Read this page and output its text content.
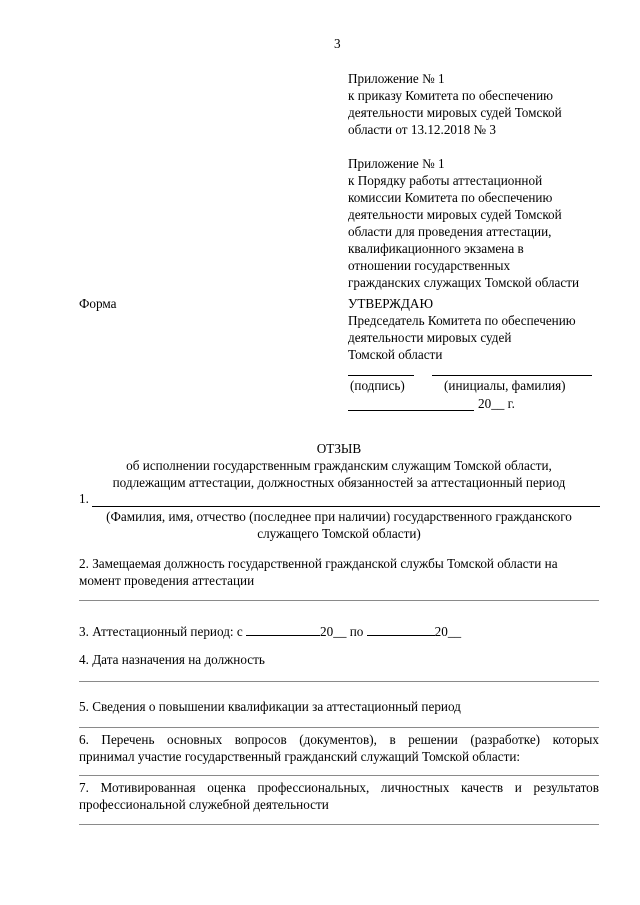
3
Приложение № 1
к приказу Комитета по обеспечению
деятельности мировых судей Томской
области от 13.12.2018 № 3
Приложение № 1
к Порядку работы аттестационной
комиссии Комитета по обеспечению
деятельности мировых судей Томской
области для проведения аттестации,
квалификационного экзамена в
отношении государственных
гражданских служащих Томской области
Форма	УТВЕРЖДАЮ
Председатель Комитета по обеспечению
деятельности мировых судей
Томской области
(подпись)	(инициалы, фамилия)
20__ г.
ОТЗЫВ
об исполнении государственным гражданским служащим Томской области,
подлежащим аттестации, должностных обязанностей за аттестационный период
1.
(Фамилия, имя, отчество (последнее при наличии) государственного гражданского
служащего Томской области)
2. Замещаемая должность государственной гражданской службы Томской области на
момент проведения аттестации
3. Аттестационный период: с	20__ по	20__
4. Дата назначения на должность
5. Сведения о повышении квалификации за аттестационный период
6. Перечень основных вопросов (документов), в решении (разработке) которых
принимал участие государственный гражданский служащий Томской области:
7. Мотивированная оценка профессиональных, личностных качеств и результатов
профессиональной служебной деятельности
